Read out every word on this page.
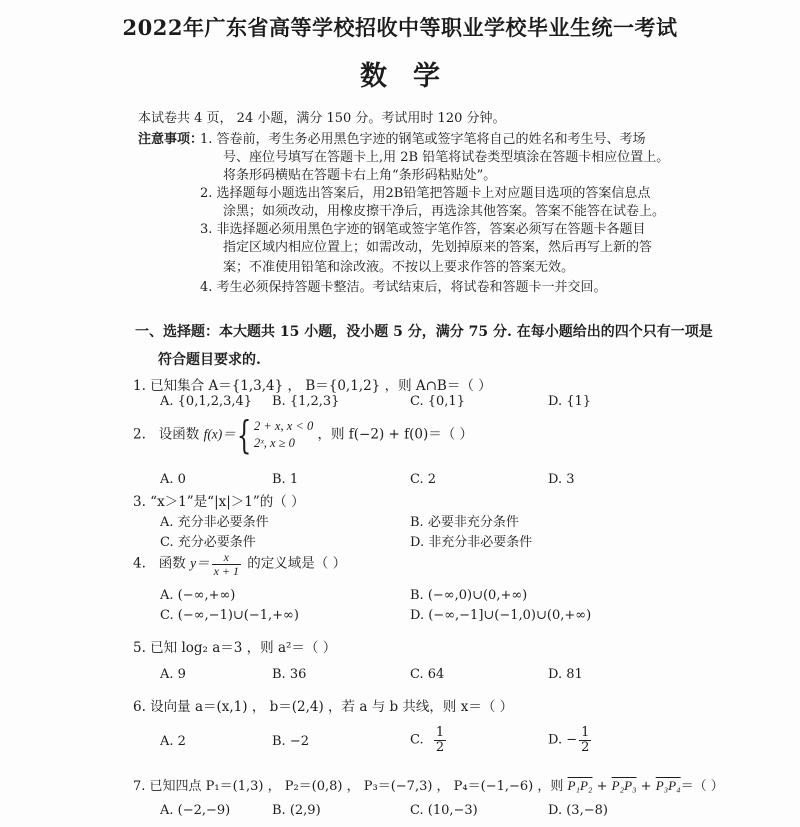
2022年广东省高等学校招收中等职业学校毕业生统一考试
数学
本试卷共 4 页， 24 小题，满分 150 分。考试用时 120 分钟。
注意事项：
1. 答卷前，考生务必用黑色字迹的钢笔或签字笔将自己的姓名和考生号、考场
号、座位号填写在答题卡上,用 2B 铅笔将试卷类型填涂在答题卡相应位置上。
将条形码横贴在答题卡右上角“条形码粘贴处”。
2. 选择题每小题选出答案后，用2B铅笔把答题卡上对应题目选项的答案信息点
涂黑；如须改动，用橡皮擦干净后，再选涂其他答案。答案不能答在试卷上。
3. 非选择题必须用黑色字迹的钢笔或签字笔作答，答案必须写在答题卡各题目
指定区域内相应位置上；如需改动，先划掉原来的答案，然后再写上新的答
案；不准使用铅笔和涂改液。不按以上要求作答的答案无效。
4. 考生必须保持答题卡整洁。考试结束后，将试卷和答题卡一并交回。
一、选择题：本大题共 15 小题，没小题 5 分，满分 75 分. 在每小题给出的四个只有一项是
符合题目要求的.
1. 已知集合 A＝{1,3,4} ， B＝{0,1,2} ，则 A∩B＝（ ）
A. {0,1,2,3,4} B. {1,2,3}	C. {0,1}	D. {1}
2. 设函数 f(x)＝{ 2 + x, x < 0
2ˣ, x ≥ 0
，则 f(−2) + f(0)＝（ ）
A. 0	B. 1	C. 2	D. 3
3. “x＞1”是“|x|＞1”的（ ）
A. 充分非必要条件	B. 必要非充分条件
C. 充分必要条件	D. 非充分非必要条件
4. 函数 $y= \frac{x}{x + 1}$ 的定义域是（ ）
A. (−∞,+∞)	B. (−∞,0)∪(0,+∞)
C. (−∞,−1)∪(−1,+∞)	D. (−∞,−1]∪(−1,0)∪(0,+∞)
5. 已知 log₂ a＝3 ，则 a²＝（ ）
A. 9	B. 36	C. 64	D. 81
6. 设向量 a＝(x,1) ， b＝(2,4) ，若 a 与 b 共线，则 x＝（ ）
A. 2	B. −2	C. $\frac{1}{2}$	D. − $\frac{1}{2}$
7. 已知四点 P₁＝(1,3) ， P₂＝(0,8) ， P₃＝(−7,3) ， P₄＝(−1,−6) ，则 P₁P₂ + P₂P₃ + P₃P₄＝（ ）
A. (−2,−9)	B. (2,9)	C. (10,−3)	D. (3,−8)
